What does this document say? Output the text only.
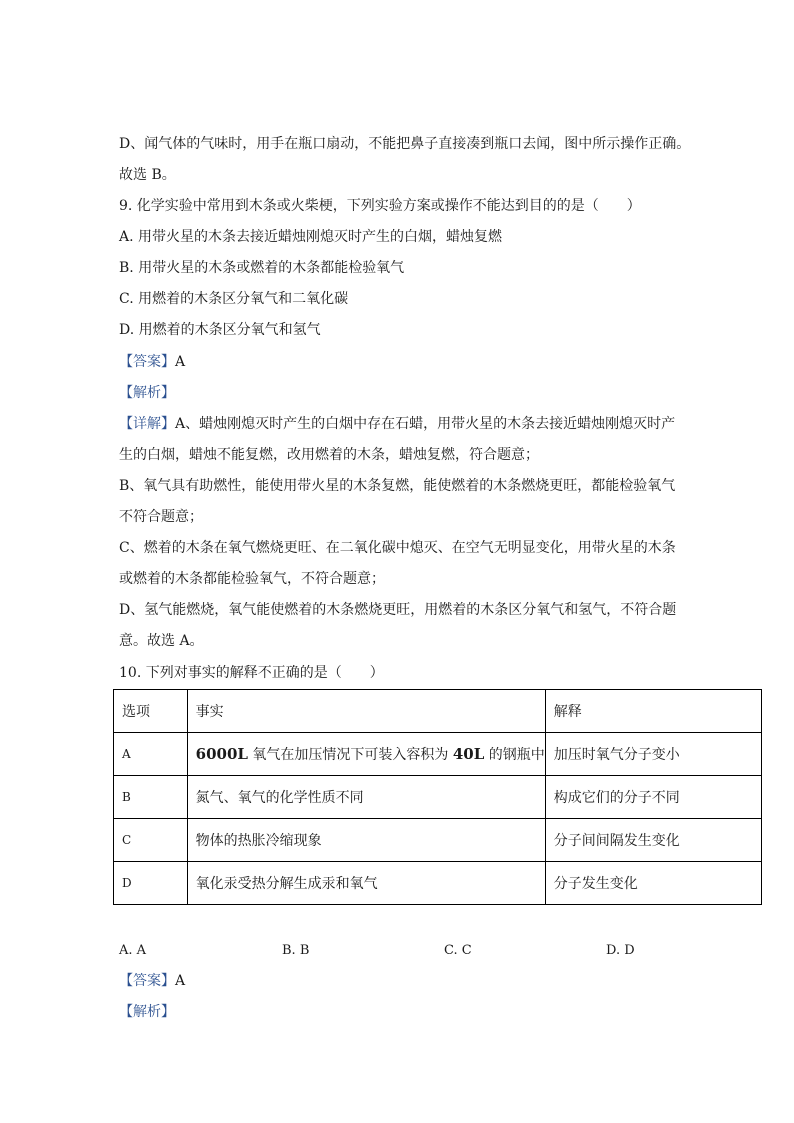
D、闻气体的气味时，用手在瓶口扇动，不能把鼻子直接凑到瓶口去闻，图中所示操作正确。
故选 B。
9. 化学实验中常用到木条或火柴梗，下列实验方案或操作不能达到目的的是（　　）
A. 用带火星的木条去接近蜡烛刚熄灭时产生的白烟，蜡烛复燃
B. 用带火星的木条或燃着的木条都能检验氧气
C. 用燃着的木条区分氧气和二氧化碳
D. 用燃着的木条区分氧气和氢气
【答案】A
【解析】
【详解】A、蜡烛刚熄灭时产生的白烟中存在石蜡，用带火星的木条去接近蜡烛刚熄灭时产
生的白烟，蜡烛不能复燃，改用燃着的木条，蜡烛复燃，符合题意；
B、氧气具有助燃性，能使用带火星的木条复燃，能使燃着的木条燃烧更旺，都能检验氧气
不符合题意；
C、燃着的木条在氧气燃烧更旺、在二氧化碳中熄灭、在空气无明显变化，用带火星的木条
或燃着的木条都能检验氧气，不符合题意；
D、氢气能燃烧，氧气能使燃着的木条燃烧更旺，用燃着的木条区分氧气和氢气，不符合题
意。故选 A。
10. 下列对事实的解释不正确的是（　　）
选项	事实	解释
A	6000L 氧气在加压情况下可装入容积为 40L 的钢瓶中	加压时氧气分子变小
B	氮气、氧气的化学性质不同	构成它们的分子不同
C	物体的热胀冷缩现象	分子间间隔发生变化
D	氧化汞受热分解生成汞和氧气	分子发生变化
A. A	B. B	C. C	D. D
【答案】A
【解析】
